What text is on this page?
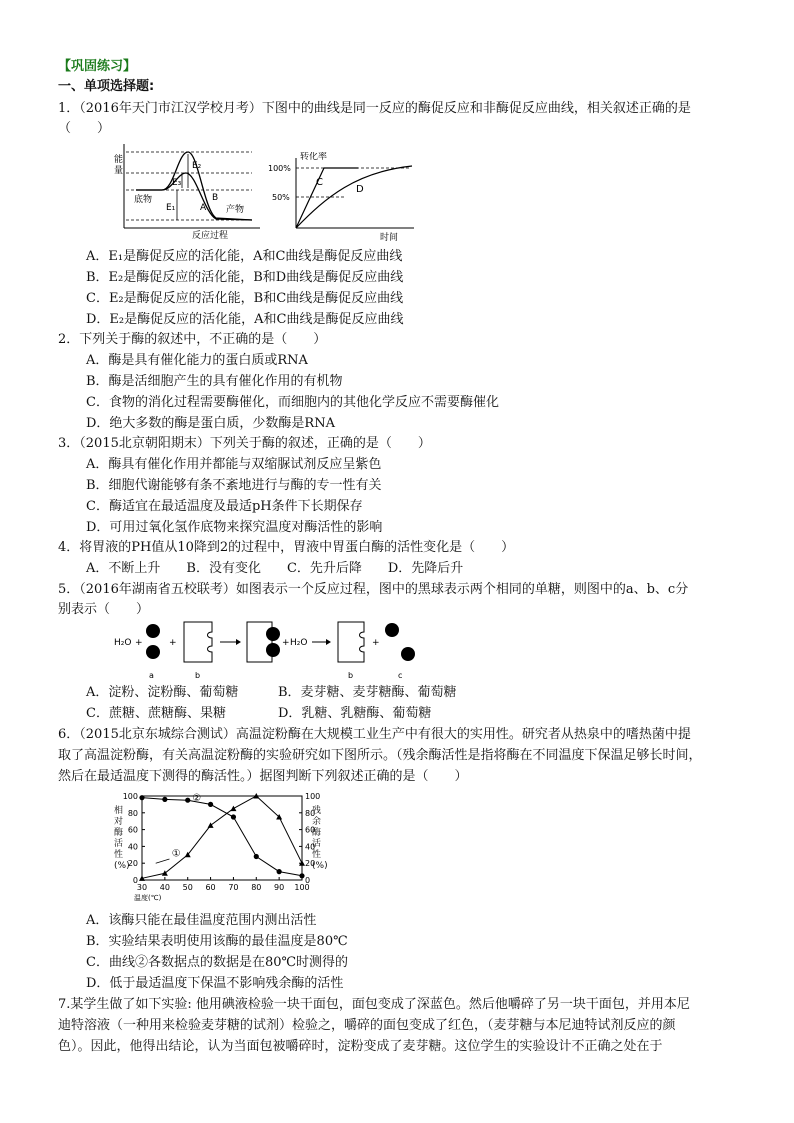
【巩固练习】
一、单项选择题:
1．（2016年天门市江汉学校月考）下图中的曲线是同一反应的酶促反应和非酶促反应曲线，相关叙述正确的是
（　　）
能
量
底物
产物
反应过程
E₁
E₂
E₃
A
B
转化率
100%
50%
C
D
时间
A．E₁是酶促反应的活化能，A和C曲线是酶促反应曲线
B．E₂是酶促反应的活化能，B和D曲线是酶促反应曲线
C．E₂是酶促反应的活化能，B和C曲线是酶促反应曲线
D．E₂是酶促反应的活化能，A和C曲线是酶促反应曲线
2．下列关于酶的叙述中，不正确的是（　　）
A．酶是具有催化能力的蛋白质或RNA
B．酶是活细胞产生的具有催化作用的有机物
C．食物的消化过程需要酶催化，而细胞内的其他化学反应不需要酶催化
D．绝大多数的酶是蛋白质，少数酶是RNA
3．（2015北京朝阳期末）下列关于酶的叙述，正确的是（　　）
A．酶具有催化作用并都能与双缩脲试剂反应呈紫色
B．细胞代谢能够有条不紊地进行与酶的专一性有关
C．酶适宜在最适温度及最适pH条件下长期保存
D．可用过氧化氢作底物来探究温度对酶活性的影响
4．将胃液的PH值从10降到2的过程中，胃液中胃蛋白酶的活性变化是（　　）
A．不断上升　　B．没有变化　　C．先升后降　　D．先降后升
5．（2016年湖南省五校联考）如图表示一个反应过程，图中的黑球表示两个相同的单糖，则图中的a、b、c分
别表示（　　）
H₂O +
a
+
b
+ H₂O
b
+
c
A．淀粉、淀粉酶、葡萄糖	B．麦芽糖、麦芽糖酶、葡萄糖
C．蔗糖、蔗糖酶、果糖	D．乳糖、乳糖酶、葡萄糖
6．（2015北京东城综合测试）高温淀粉酶在大规模工业生产中有很大的实用性。研究者从热泉中的嗜热菌中提
取了高温淀粉酶，有关高温淀粉酶的实验研究如下图所示。（残余酶活性是指将酶在不同温度下保温足够长时间，
然后在最适温度下测得的酶活性。）据图判断下列叙述正确的是（　　）
0	0
20	20
40	40
60	60
80	80
100	100
30 40 50 60 70 80 90 100
①
②
温度(℃)
相对酶活性(%)
残余酶活性(%)
A．该酶只能在最佳温度范围内测出活性
B．实验结果表明使用该酶的最佳温度是80℃
C．曲线②各数据点的数据是在80℃时测得的
D．低于最适温度下保温不影响残余酶的活性
7.某学生做了如下实验: 他用碘液检验一块干面包，面包变成了深蓝色。然后他嚼碎了另一块干面包，并用本尼
迪特溶液（一种用来检验麦芽糖的试剂）检验之，嚼碎的面包变成了红色，（麦芽糖与本尼迪特试剂反应的颜
色）。因此，他得出结论，认为当面包被嚼碎时，淀粉变成了麦芽糖。这位学生的实验设计不正确之处在于
